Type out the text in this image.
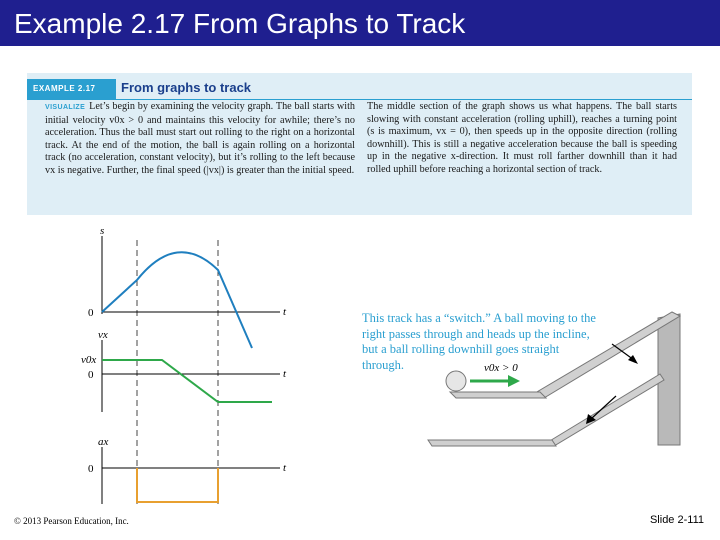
Example 2.17 From Graphs to Track
EXAMPLE 2.17	From graphs to track
VISUALIZE Let’s begin by examining the velocity graph. The ball starts with initial velocity v0x > 0 and maintains this velocity for awhile; there’s no acceleration. Thus the ball must start out rolling to the right on a horizontal track. At the end of the motion, the ball is again rolling on a horizontal track (no acceleration, constant velocity), but it’s rolling to the left because vx is negative. Further, the final speed (|vx|) is greater than the initial speed.
The middle section of the graph shows us what happens. The ball starts slowing with constant acceleration (rolling uphill), reaches a turning point (s is maximum, vx = 0), then speeds up in the opposite direction (rolling downhill). This is still a negative acceleration because the ball is speeding up in the negative x-direction. It must roll farther downhill than it had rolled uphill before reaching a horizontal section of track.
s
t
0
vx
v0x
0	t
ax
0	t
This track has a “switch.” A ball moving to the right passes through and heads up the incline, but a ball rolling downhill goes straight through.	v0x > 0
© 2013 Pearson Education, Inc.	Slide 2-111
